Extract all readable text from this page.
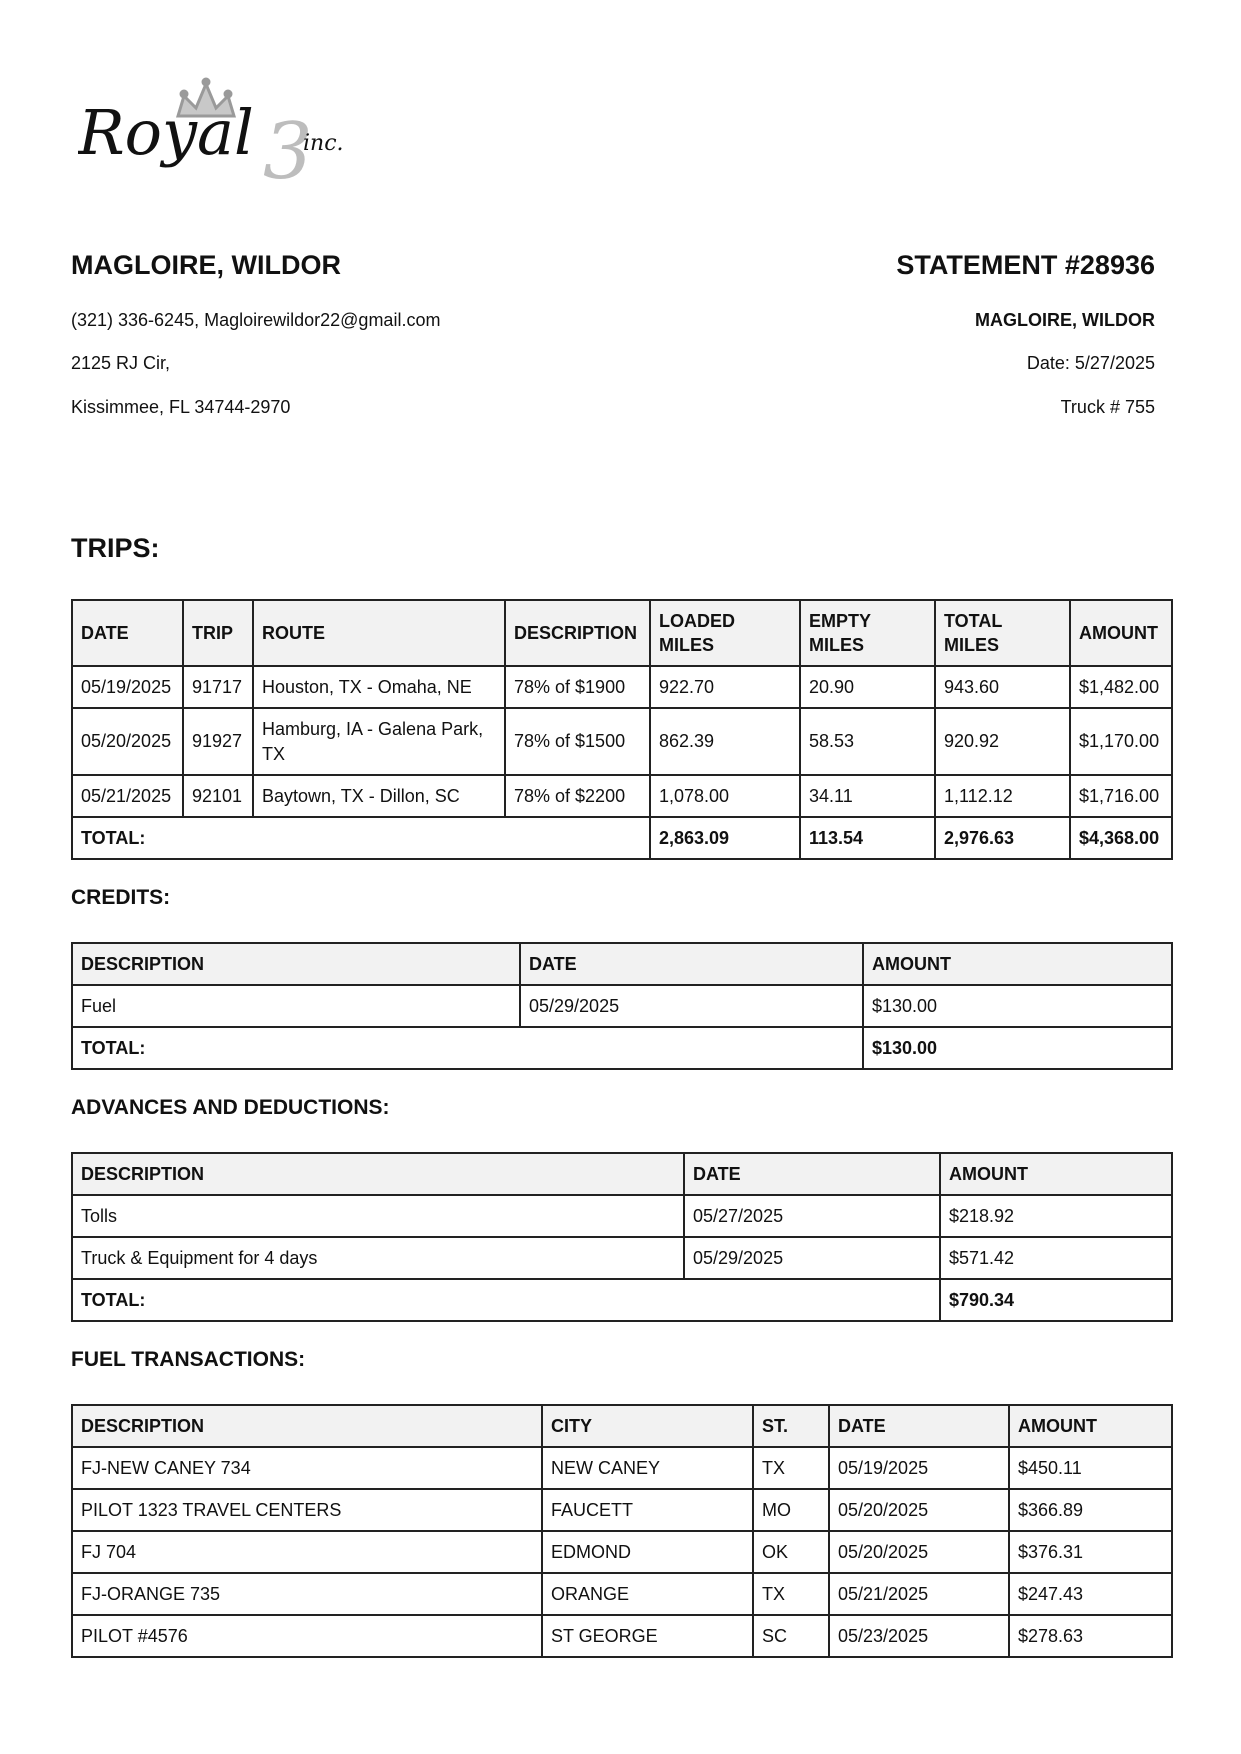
Royal 3
inc.
MAGLOIRE, WILDOR
(321) 336-6245, Magloirewildor22@gmail.com
2125 RJ Cir,
Kissimmee, FL 34744-2970
STATEMENT #28936
MAGLOIRE, WILDOR
Date: 5/27/2025
Truck # 755
TRIPS:
DATE	TRIP	ROUTE	DESCRIPTION	LOADED MILES	EMPTY MILES	TOTAL MILES	AMOUNT
05/19/2025	91717	Houston, TX - Omaha, NE	78% of $1900	922.70	20.90	943.60	$1,482.00
05/20/2025	91927	Hamburg, IA - Galena Park, TX	78% of $1500	862.39	58.53	920.92	$1,170.00
05/21/2025	92101	Baytown, TX - Dillon, SC	78% of $2200	1,078.00	34.11	1,112.12	$1,716.00
TOTAL:				2,863.09	113.54	2,976.63	$4,368.00
CREDITS:
DESCRIPTION	DATE	AMOUNT
Fuel	05/29/2025	$130.00
TOTAL:		$130.00
ADVANCES AND DEDUCTIONS:
DESCRIPTION	DATE	AMOUNT
Tolls	05/27/2025	$218.92
Truck & Equipment for 4 days	05/29/2025	$571.42
TOTAL:		$790.34
FUEL TRANSACTIONS:
DESCRIPTION	CITY	ST.	DATE	AMOUNT
FJ-NEW CANEY 734	NEW CANEY	TX	05/19/2025	$450.11
PILOT 1323 TRAVEL CENTERS	FAUCETT	MO	05/20/2025	$366.89
FJ 704	EDMOND	OK	05/20/2025	$376.31
FJ-ORANGE 735	ORANGE	TX	05/21/2025	$247.43
PILOT #4576	ST GEORGE	SC	05/23/2025	$278.63
